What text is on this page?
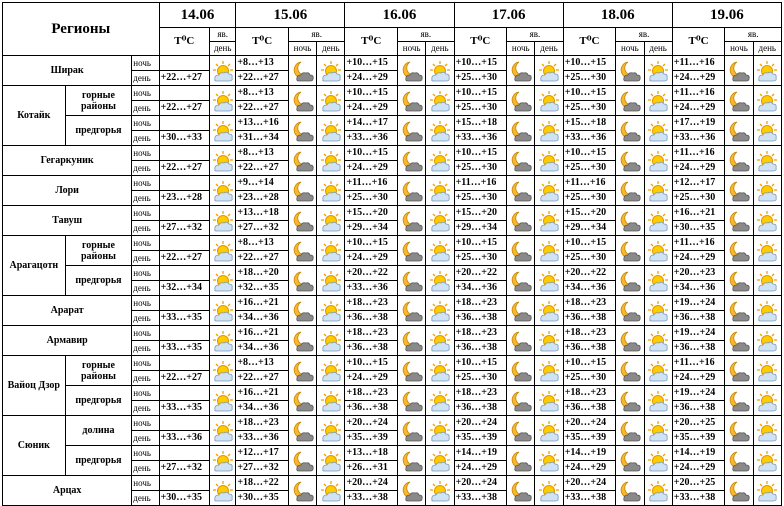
Регионы			14.06		15.06			16.06			17.06			18.06			19.06		
			T⁰C	яв.	T⁰C	яв.		T⁰C	яв.		T⁰C	яв.		T⁰C	яв.		T⁰C	яв.	
				день		ночь	день		ночь	день		ночь	день		ночь	день		ночь	день
Ширак		ночь			+8…+13			+10…+15			+10…+15			+10…+15			+11…+16	

		день	+22…+27		+22…+27			+24…+29			+25…+30			+25…+30			+24…+29		
Котайк	горные районы	ночь			+8…+13			+10…+15			+10…+15			+10…+15			+11…+16	

		день	+22…+27		+22…+27			+24…+29			+25…+30			+25…+30			+24…+29		
	предгорья	ночь			+13…+16			+14…+17			+15…+18			+15…+18			+17…+19	

		день	+30…+33		+31…+34			+33…+36			+33…+36			+33…+36			+33…+36		
Гегаркуник		ночь			+8…+13			+10…+15			+10…+15			+10…+15			+11…+16	

		день	+22…+27		+22…+27			+24…+29			+25…+30			+25…+30			+24…+29		
Лори		ночь			+9…+14			+11…+16			+11…+16			+11…+16			+12…+17	

		день	+23…+28		+23…+28			+25…+30			+25…+30			+25…+30			+25…+30		
Тавуш		ночь			+13…+18			+15…+20			+15…+20			+15…+20			+16…+21	

		день	+27…+32		+27…+32			+29…+34			+29…+34			+29…+34			+30…+35		
Арагацотн	горные районы	ночь			+8…+13			+10…+15			+10…+15			+10…+15			+11…+16	

		день	+22…+27		+22…+27			+24…+29			+25…+30			+25…+30			+24…+29		
	предгорья	ночь			+18…+20			+20…+22			+20…+22			+20…+22			+20…+23	

		день	+32…+34		+32…+35			+33…+36			+34…+36			+34…+36			+34…+36		
Арарат		ночь			+16…+21			+18…+23			+18…+23			+18…+23			+19…+24	

		день	+33…+35		+34…+36			+36…+38			+36…+38			+36…+38			+36…+38		
Армавир		ночь			+16…+21			+18…+23			+18…+23			+18…+23			+19…+24	

		день	+33…+35		+34…+36			+36…+38			+36…+38			+36…+38			+36…+38		
Вайоц Дзор	горные районы	ночь			+8…+13			+10…+15			+10…+15			+10…+15			+11…+16	

		день	+22…+27		+22…+27			+24…+29			+25…+30			+25…+30			+24…+29		
	предгорья	ночь			+16…+21			+18…+23			+18…+23			+18…+23			+19…+24	

		день	+33…+35		+34…+36			+36…+38			+36…+38			+36…+38			+36…+38		
Сюник	долина	ночь			+18…+23			+20…+24			+20…+24			+20…+24			+20…+25	

		день	+33…+36		+33…+36			+35…+39			+35…+39			+35…+39			+35…+39		
	предгорья	ночь			+12…+17			+13…+18			+14…+19			+14…+19			+14…+19	

		день	+27…+32		+27…+32			+26…+31			+24…+29			+24…+29			+24…+29		
Арцах		ночь			+18…+22			+20…+24			+20…+24			+20…+24			+20…+25	

		день	+30…+35		+30…+35			+33…+38			+33…+38			+33…+38			+33…+38		
